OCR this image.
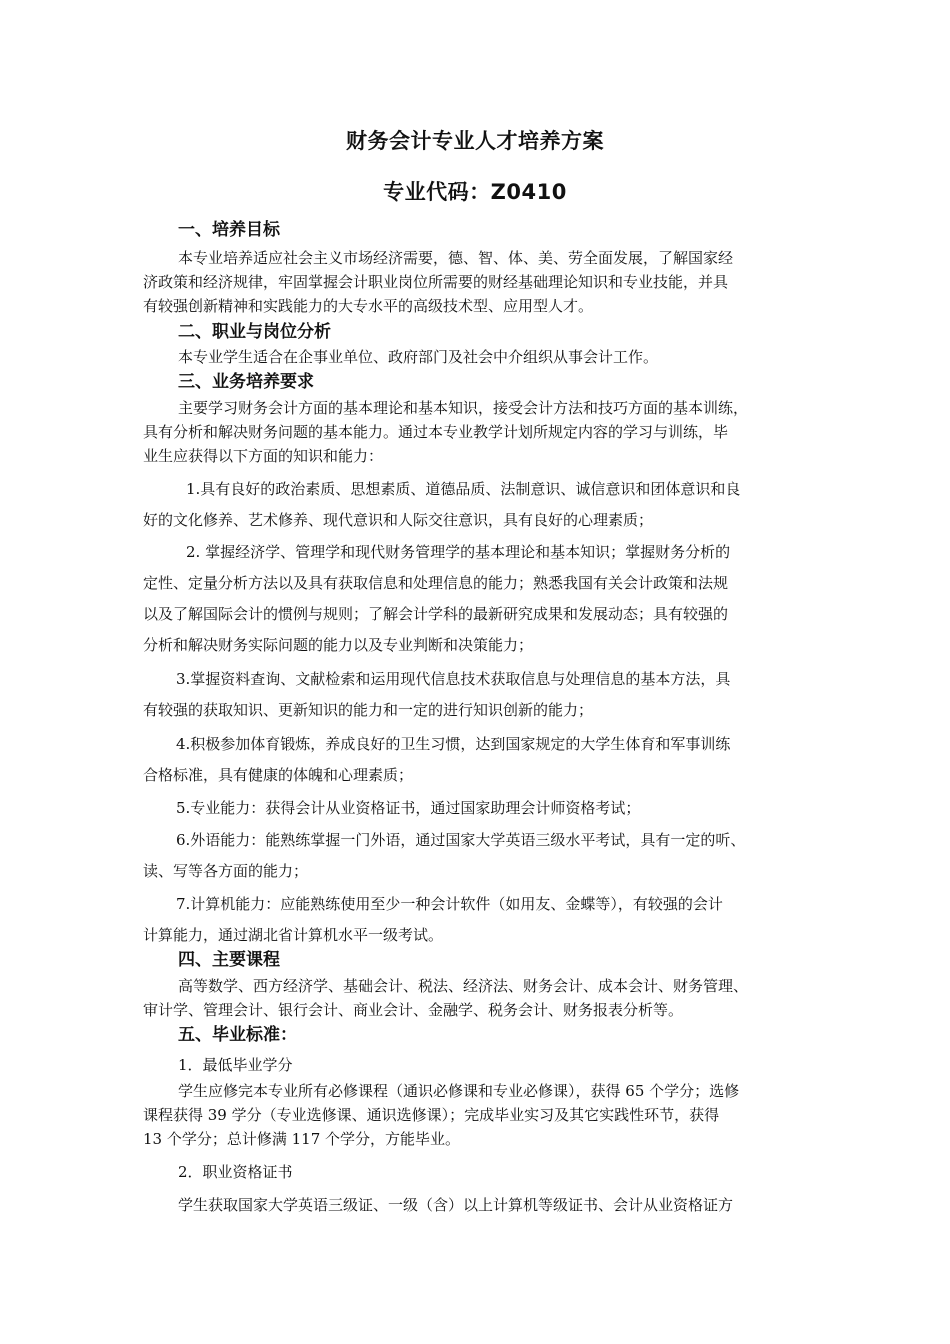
财务会计专业人才培养方案
专业代码：Z0410
一、培养目标
本专业培养适应社会主义市场经济需要，德、智、体、美、劳全面发展，了解国家经
济政策和经济规律，牢固掌握会计职业岗位所需要的财经基础理论知识和专业技能，并具
有较强创新精神和实践能力的大专水平的高级技术型、应用型人才。
二、职业与岗位分析
本专业学生适合在企事业单位、政府部门及社会中介组织从事会计工作。
三、业务培养要求
主要学习财务会计方面的基本理论和基本知识，接受会计方法和技巧方面的基本训练，
具有分析和解决财务问题的基本能力。通过本专业教学计划所规定内容的学习与训练，毕
业生应获得以下方面的知识和能力：
1.具有良好的政治素质、思想素质、道德品质、法制意识、诚信意识和团体意识和良
好的文化修养、艺术修养、现代意识和人际交往意识，具有良好的心理素质；
2. 掌握经济学、管理学和现代财务管理学的基本理论和基本知识；掌握财务分析的
定性、定量分析方法以及具有获取信息和处理信息的能力；熟悉我国有关会计政策和法规
以及了解国际会计的惯例与规则；了解会计学科的最新研究成果和发展动态；具有较强的
分析和解决财务实际问题的能力以及专业判断和决策能力；
3.掌握资料查询、文献检索和运用现代信息技术获取信息与处理信息的基本方法，具
有较强的获取知识、更新知识的能力和一定的进行知识创新的能力；
4.积极参加体育锻炼，养成良好的卫生习惯，达到国家规定的大学生体育和军事训练
合格标准，具有健康的体魄和心理素质；
5.专业能力：获得会计从业资格证书，通过国家助理会计师资格考试；
6.外语能力：能熟练掌握一门外语，通过国家大学英语三级水平考试，具有一定的听、
读、写等各方面的能力；
7.计算机能力：应能熟练使用至少一种会计软件（如用友、金蝶等），有较强的会计
计算能力，通过湖北省计算机水平一级考试。
四、主要课程
高等数学、西方经济学、基础会计、税法、经济法、财务会计、成本会计、财务管理、
审计学、管理会计、银行会计、商业会计、金融学、税务会计、财务报表分析等。
五、毕业标准：
1．最低毕业学分
学生应修完本专业所有必修课程（通识必修课和专业必修课），获得 65 个学分；选修
课程获得 39 学分（专业选修课、通识选修课）；完成毕业实习及其它实践性环节，获得
13 个学分；总计修满 117 个学分，方能毕业。
2．职业资格证书
学生获取国家大学英语三级证、一级（含）以上计算机等级证书、会计从业资格证方
